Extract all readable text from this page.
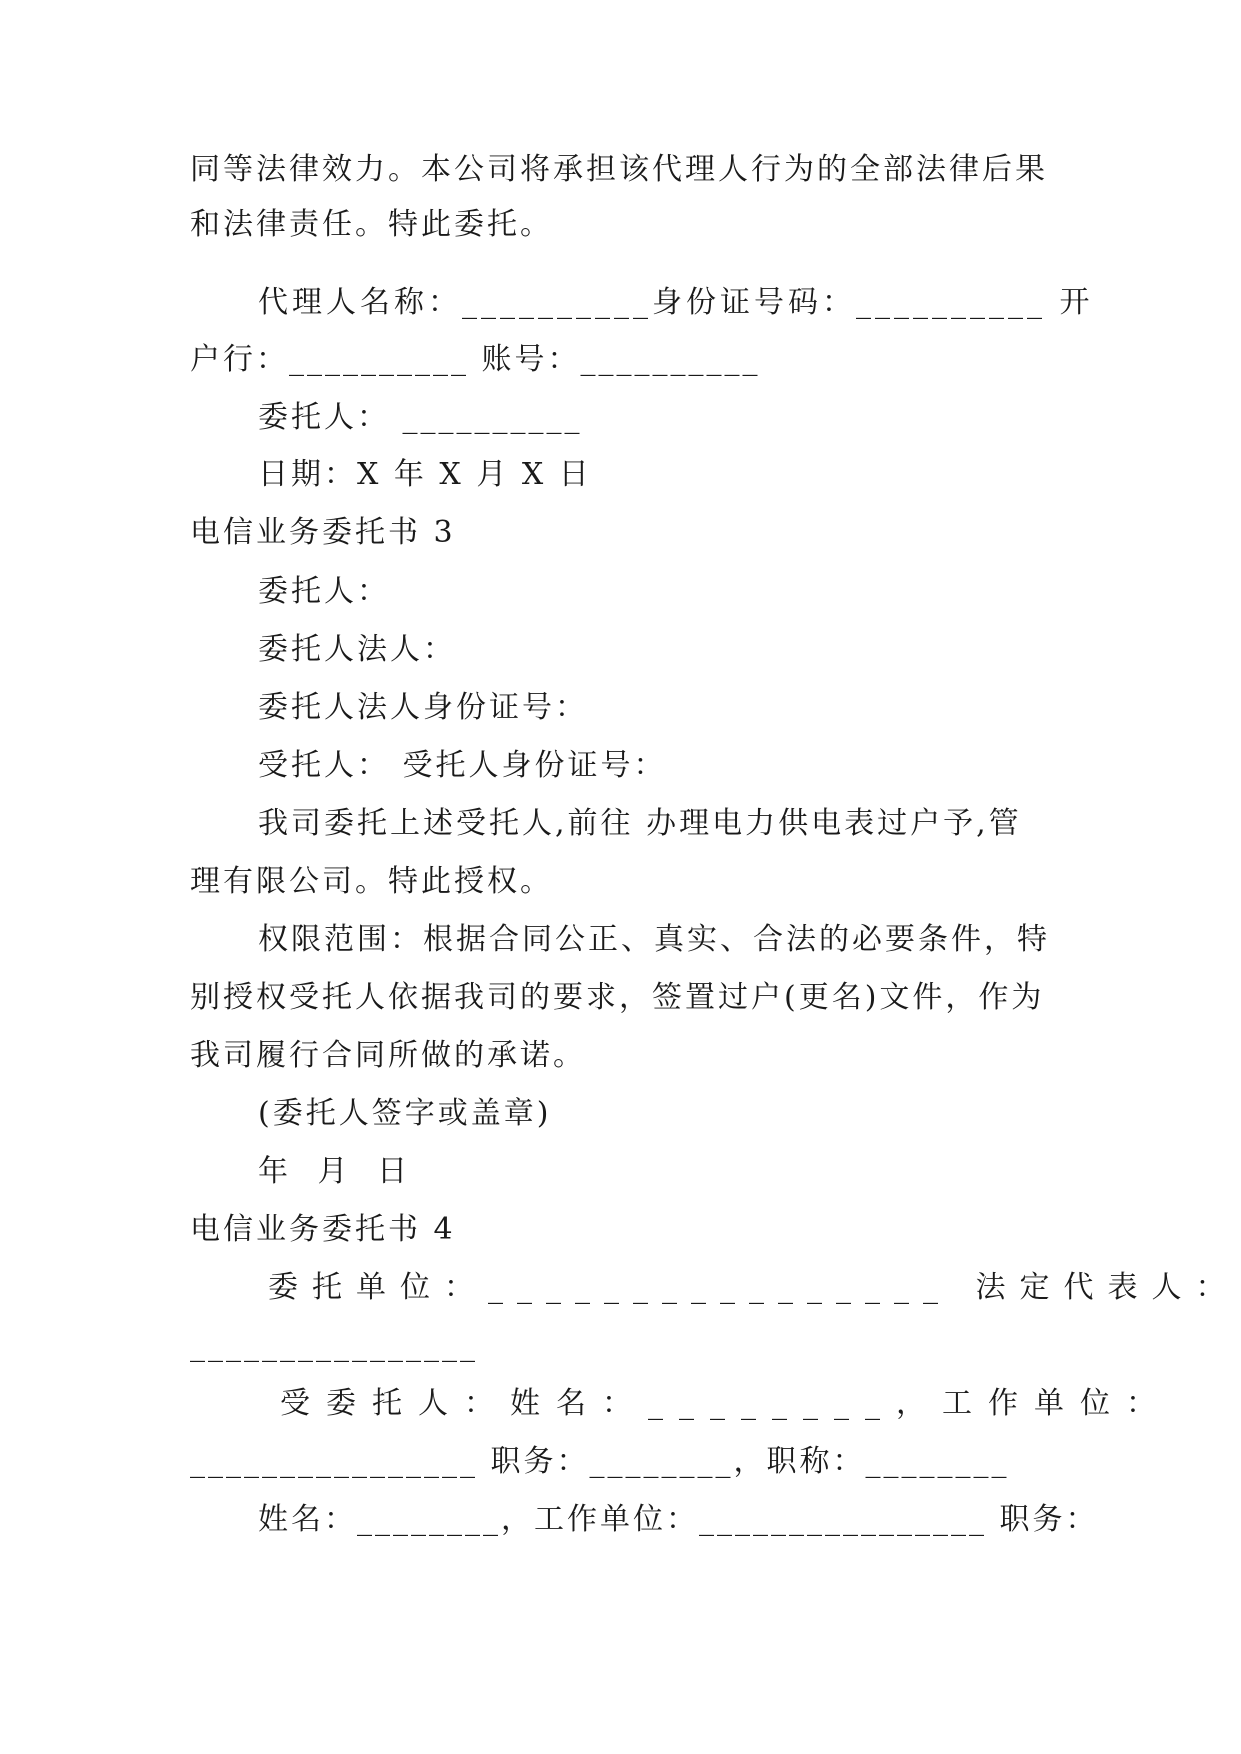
同等法律效力。本公司将承担该代理人行为的全部法律后果
和法律责任。特此委托。
代理人名称：__________身份证号码：__________ 开
户行：__________ 账号：__________
委托人： __________
日期：X 年 X 月 X 日
电信业务委托书 3
委托人：
委托人法人：
委托人法人身份证号：
受托人： 受托人身份证号：
我司委托上述受托人,前往 办理电力供电表过户予,管
理有限公司。特此授权。
权限范围：根据合同公正、真实、合法的必要条件，特
别授权受托人依据我司的要求，签置过户(更名)文件，作为
我司履行合同所做的承诺。
(委托人签字或盖章)
年 月 日
电信业务委托书 4
委托单位：________________ 法定代表人：
________________
受委托人：姓名：________，工作单位：
________________ 职务：________，职称：________
姓名：________，工作单位：________________ 职务：
